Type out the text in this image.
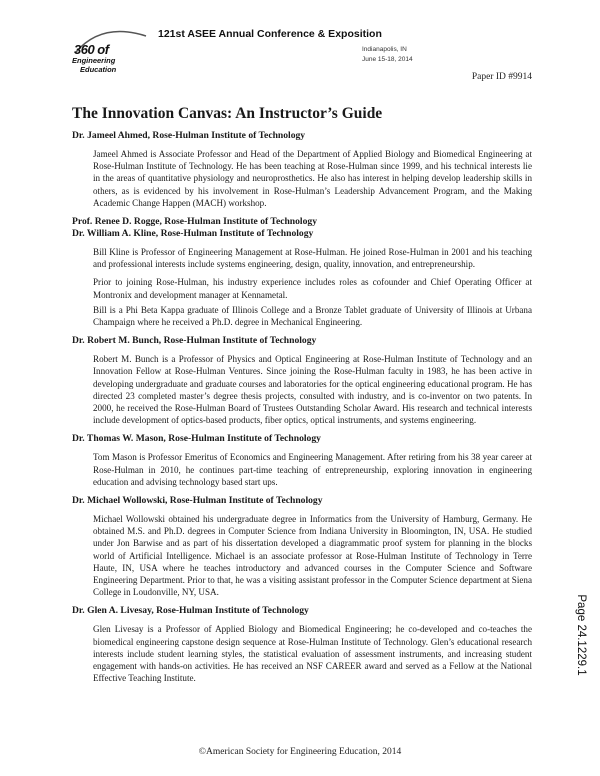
360 of
Engineering
Education
121st ASEE Annual Conference & Exposition
Indianapolis, IN
June 15-18, 2014
Paper ID #9914
The Innovation Canvas: An Instructor’s Guide
Dr. Jameel Ahmed, Rose-Hulman Institute of Technology

Jameel Ahmed is Associate Professor and Head of the Department of Applied Biology and Biomedical Engineering at Rose-Hulman Institute of Technology. He has been teaching at Rose-Hulman since 1999, and his technical interests lie in the areas of quantitative physiology and neuroprosthetics. He also has interest in helping develop leadership skills in others, as is evidenced by his involvement in Rose-Hulman’s Leadership Advancement Program, and the Making Academic Change Happen (MACH) workshop.

Prof. Renee D. Rogge, Rose-Hulman Institute of Technology
Dr. William A. Kline, Rose-Hulman Institute of Technology

Bill Kline is Professor of Engineering Management at Rose-Hulman. He joined Rose-Hulman in 2001 and his teaching and professional interests include systems engineering, design, quality, innovation, and entrepreneurship.

Prior to joining Rose-Hulman, his industry experience includes roles as cofounder and Chief Operating Officer at Montronix and development manager at Kennametal.

Bill is a Phi Beta Kappa graduate of Illinois College and a Bronze Tablet graduate of University of Illinois at Urbana Champaign where he received a Ph.D. degree in Mechanical Engineering.

Dr. Robert M. Bunch, Rose-Hulman Institute of Technology

Robert M. Bunch is a Professor of Physics and Optical Engineering at Rose-Hulman Institute of Technology and an Innovation Fellow at Rose-Hulman Ventures. Since joining the Rose-Hulman faculty in 1983, he has been active in developing undergraduate and graduate courses and laboratories for the optical engineering educational program. He has directed 23 completed master’s degree thesis projects, consulted with industry, and is co-inventor on two patents. In 2000, he received the Rose-Hulman Board of Trustees Outstanding Scholar Award. His research and technical interests include development of optics-based products, fiber optics, optical instruments, and systems engineering.

Dr. Thomas W. Mason, Rose-Hulman Institute of Technology

Tom Mason is Professor Emeritus of Economics and Engineering Management. After retiring from his 38 year career at Rose-Hulman in 2010, he continues part-time teaching of entrepreneurship, exploring innovation in engineering education and advising technology based start ups.

Dr. Michael Wollowski, Rose-Hulman Institute of Technology

Michael Wollowski obtained his undergraduate degree in Informatics from the University of Hamburg, Germany. He obtained M.S. and Ph.D. degrees in Computer Science from Indiana University in Bloomington, IN, USA. He studied under Jon Barwise and as part of his dissertation developed a diagrammatic proof system for planning in the blocks world of Artificial Intelligence. Michael is an associate professor at Rose-Hulman Institute of Technology in Terre Haute, IN, USA where he teaches introductory and advanced courses in the Computer Science and Software Engineering Department. Prior to that, he was a visiting assistant professor in the Computer Science department at Siena College in Loudonville, NY, USA.

Dr. Glen A. Livesay, Rose-Hulman Institute of Technology

Glen Livesay is a Professor of Applied Biology and Biomedical Engineering; he co-developed and co-teaches the biomedical engineering capstone design sequence at Rose-Hulman Institute of Technology. Glen’s educational research interests include student learning styles, the statistical evaluation of assessment instruments, and increasing student engagement with hands-on activities. He has received an NSF CAREER award and served as a Fellow at the National Effective Teaching Institute.

Page 24.1229.1
©American Society for Engineering Education, 2014
